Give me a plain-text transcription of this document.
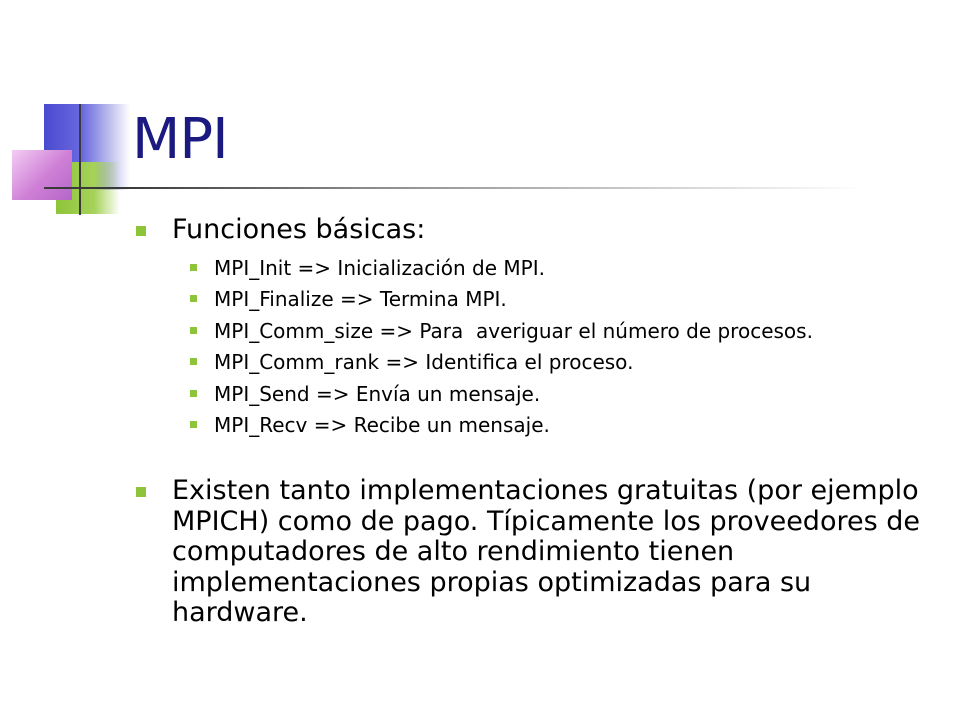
MPI
Funciones básicas:
MPI_Init => Inicialización de MPI.
MPI_Finalize => Termina MPI.
MPI_Comm_size => Para  averiguar el número de procesos.
MPI_Comm_rank => Identifica el proceso.
MPI_Send => Envía un mensaje.
MPI_Recv => Recibe un mensaje.
Existen tanto implementaciones gratuitas (por ejemplo MPICH) como de pago. Típicamente los proveedores de computadores de alto rendimiento tienen implementaciones propias optimizadas para su hardware.
